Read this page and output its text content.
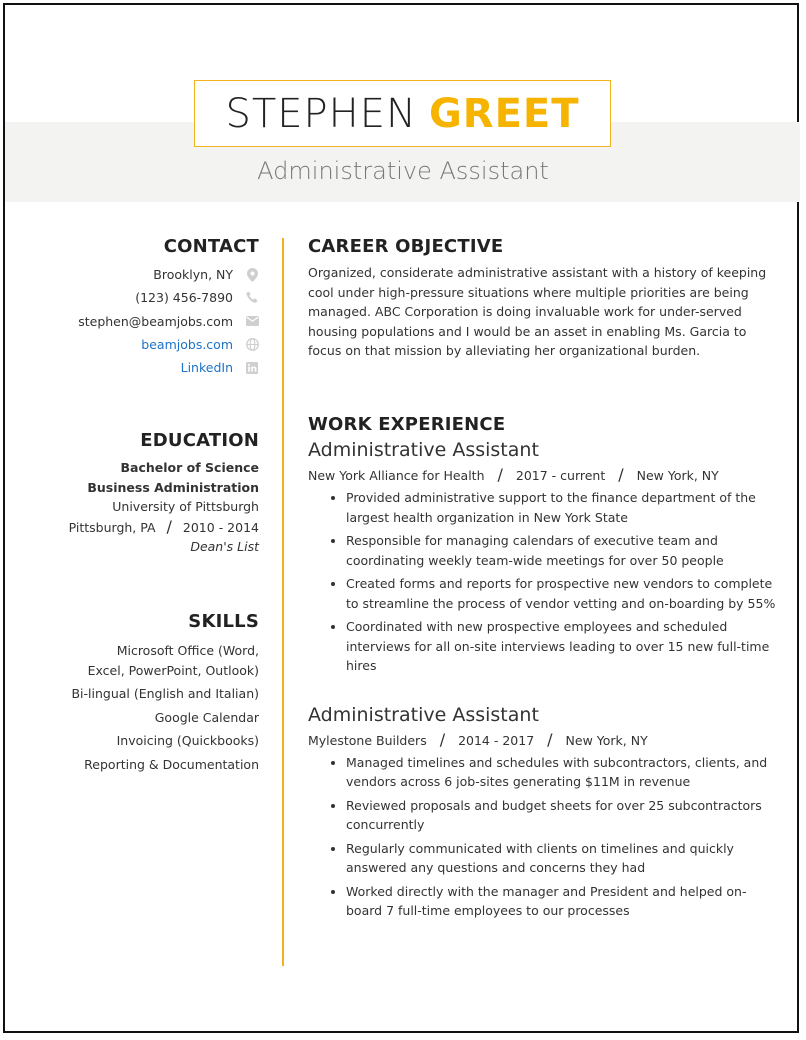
STEPHEN GREET
Administrative Assistant
CONTACT
Brooklyn, NY
(123) 456-7890
stephen@beamjobs.com
beamjobs.com
LinkedIn
EDUCATION
Bachelor of Science
Business Administration
University of Pittsburgh
Pittsburgh, PA / 2010 - 2014
Dean's List
SKILLS
Microsoft Office (Word, Excel, PowerPoint, Outlook)
Bi-lingual (English and Italian)
Google Calendar
Invoicing (Quickbooks)
Reporting & Documentation
CAREER OBJECTIVE
Organized, considerate administrative assistant with a history of keeping cool under high-pressure situations where multiple priorities are being managed. ABC Corporation is doing invaluable work for under-served housing populations and I would be an asset in enabling Ms. Garcia to focus on that mission by alleviating her organizational burden.
WORK EXPERIENCE
Administrative Assistant
New York Alliance for Health / 2017 - current / New York, NY
• Provided administrative support to the finance department of the largest health organization in New York State
• Responsible for managing calendars of executive team and coordinating weekly team-wide meetings for over 50 people
• Created forms and reports for prospective new vendors to complete to streamline the process of vendor vetting and on-boarding by 55%
• Coordinated with new prospective employees and scheduled interviews for all on-site interviews leading to over 15 new full-time hires
Administrative Assistant
Mylestone Builders / 2014 - 2017 / New York, NY
• Managed timelines and schedules with subcontractors, clients, and vendors across 6 job-sites generating $11M in revenue
• Reviewed proposals and budget sheets for over 25 subcontractors concurrently
• Regularly communicated with clients on timelines and quickly answered any questions and concerns they had
• Worked directly with the manager and President and helped on-board 7 full-time employees to our processes
